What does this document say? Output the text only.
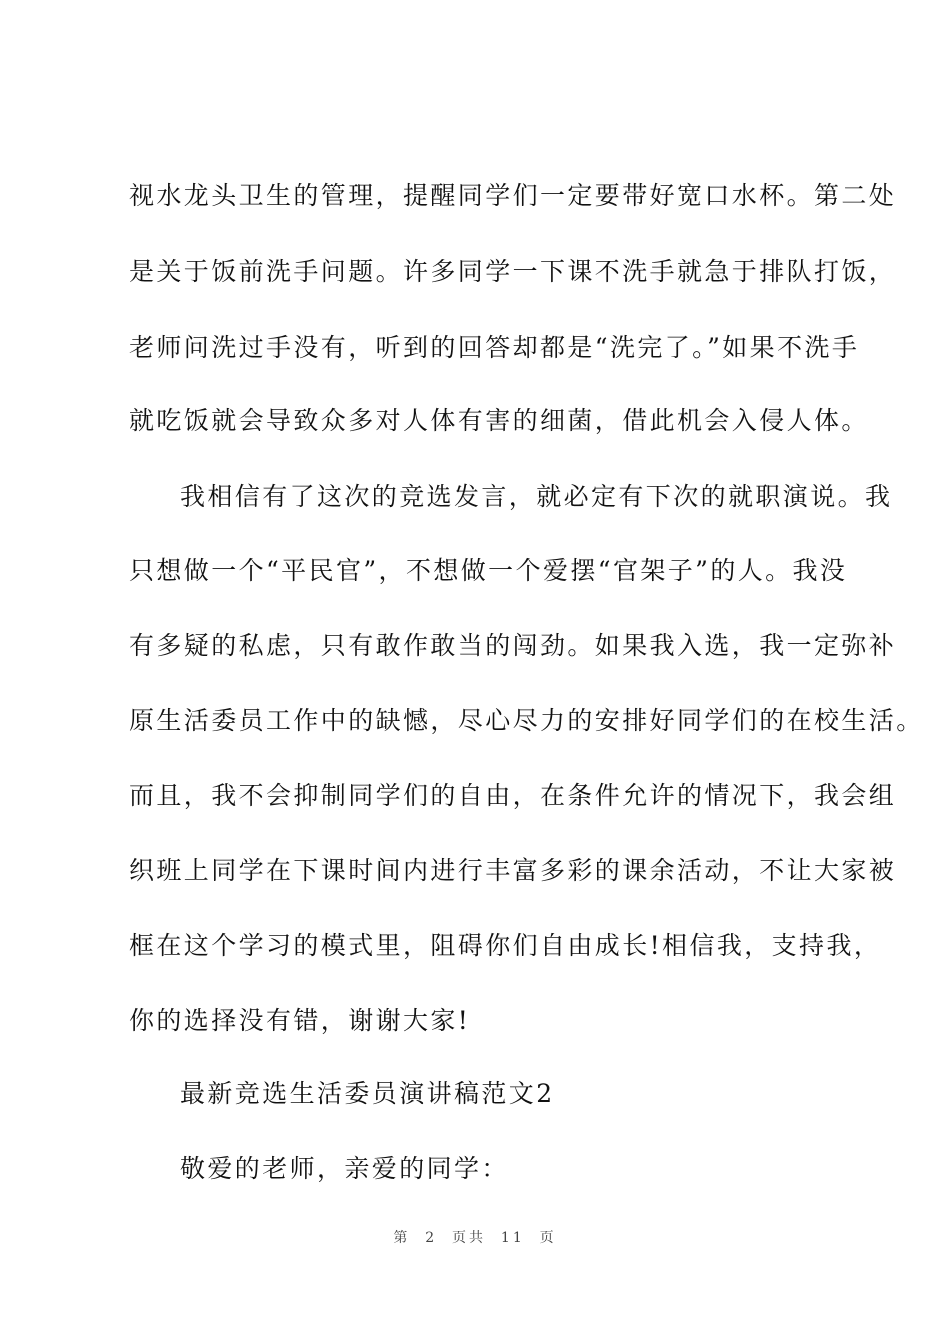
视水龙头卫生的管理，提醒同学们一定要带好宽口水杯。第二处
是关于饭前洗手问题。许多同学一下课不洗手就急于排队打饭，
老师问洗过手没有，听到的回答却都是“洗完了。”如果不洗手
就吃饭就会导致众多对人体有害的细菌，借此机会入侵人体。
我相信有了这次的竞选发言，就必定有下次的就职演说。我
只想做一个“平民官”，不想做一个爱摆“官架子”的人。我没
有多疑的私虑，只有敢作敢当的闯劲。如果我入选，我一定弥补
原生活委员工作中的缺憾，尽心尽力的安排好同学们的在校生活。
而且，我不会抑制同学们的自由，在条件允许的情况下，我会组
织班上同学在下课时间内进行丰富多彩的课余活动，不让大家被
框在这个学习的模式里，阻碍你们自由成长!相信我，支持我，
你的选择没有错，谢谢大家!
最新竞选生活委员演讲稿范文2
敬爱的老师，亲爱的同学：
第  2  页共  11  页
